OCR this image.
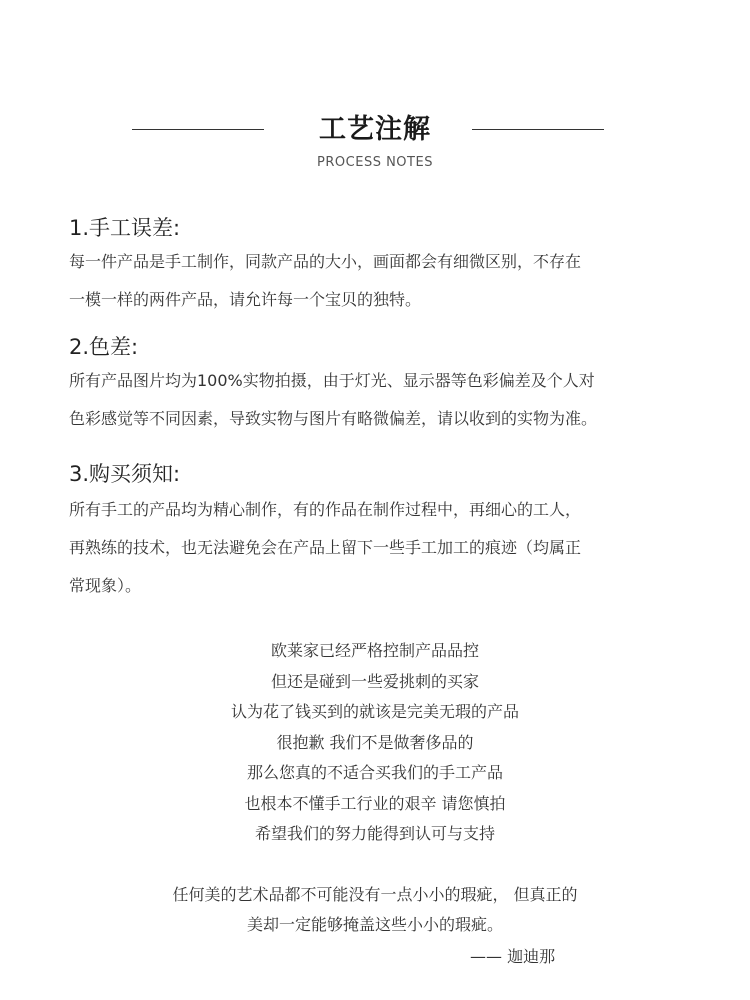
工艺注解
PROCESS NOTES
1.手工误差:
每一件产品是手工制作，同款产品的大小，画面都会有细微区别，不存在
一模一样的两件产品，请允许每一个宝贝的独特。
2.色差:
所有产品图片均为100%实物拍摄，由于灯光、显示器等色彩偏差及个人对
色彩感觉等不同因素，导致实物与图片有略微偏差，请以收到的实物为准。
3.购买须知:
所有手工的产品均为精心制作，有的作品在制作过程中，再细心的工人，
再熟练的技术，也无法避免会在产品上留下一些手工加工的痕迹（均属正
常现象）。
欧莱家已经严格控制产品品控
但还是碰到一些爱挑刺的买家
认为花了钱买到的就该是完美无瑕的产品
很抱歉 我们不是做奢侈品的
那么您真的不适合买我们的手工产品
也根本不懂手工行业的艰辛 请您慎拍
希望我们的努力能得到认可与支持
任何美的艺术品都不可能没有一点小小的瑕疵， 但真正的
美却一定能够掩盖这些小小的瑕疵。
—— 迦迪那
